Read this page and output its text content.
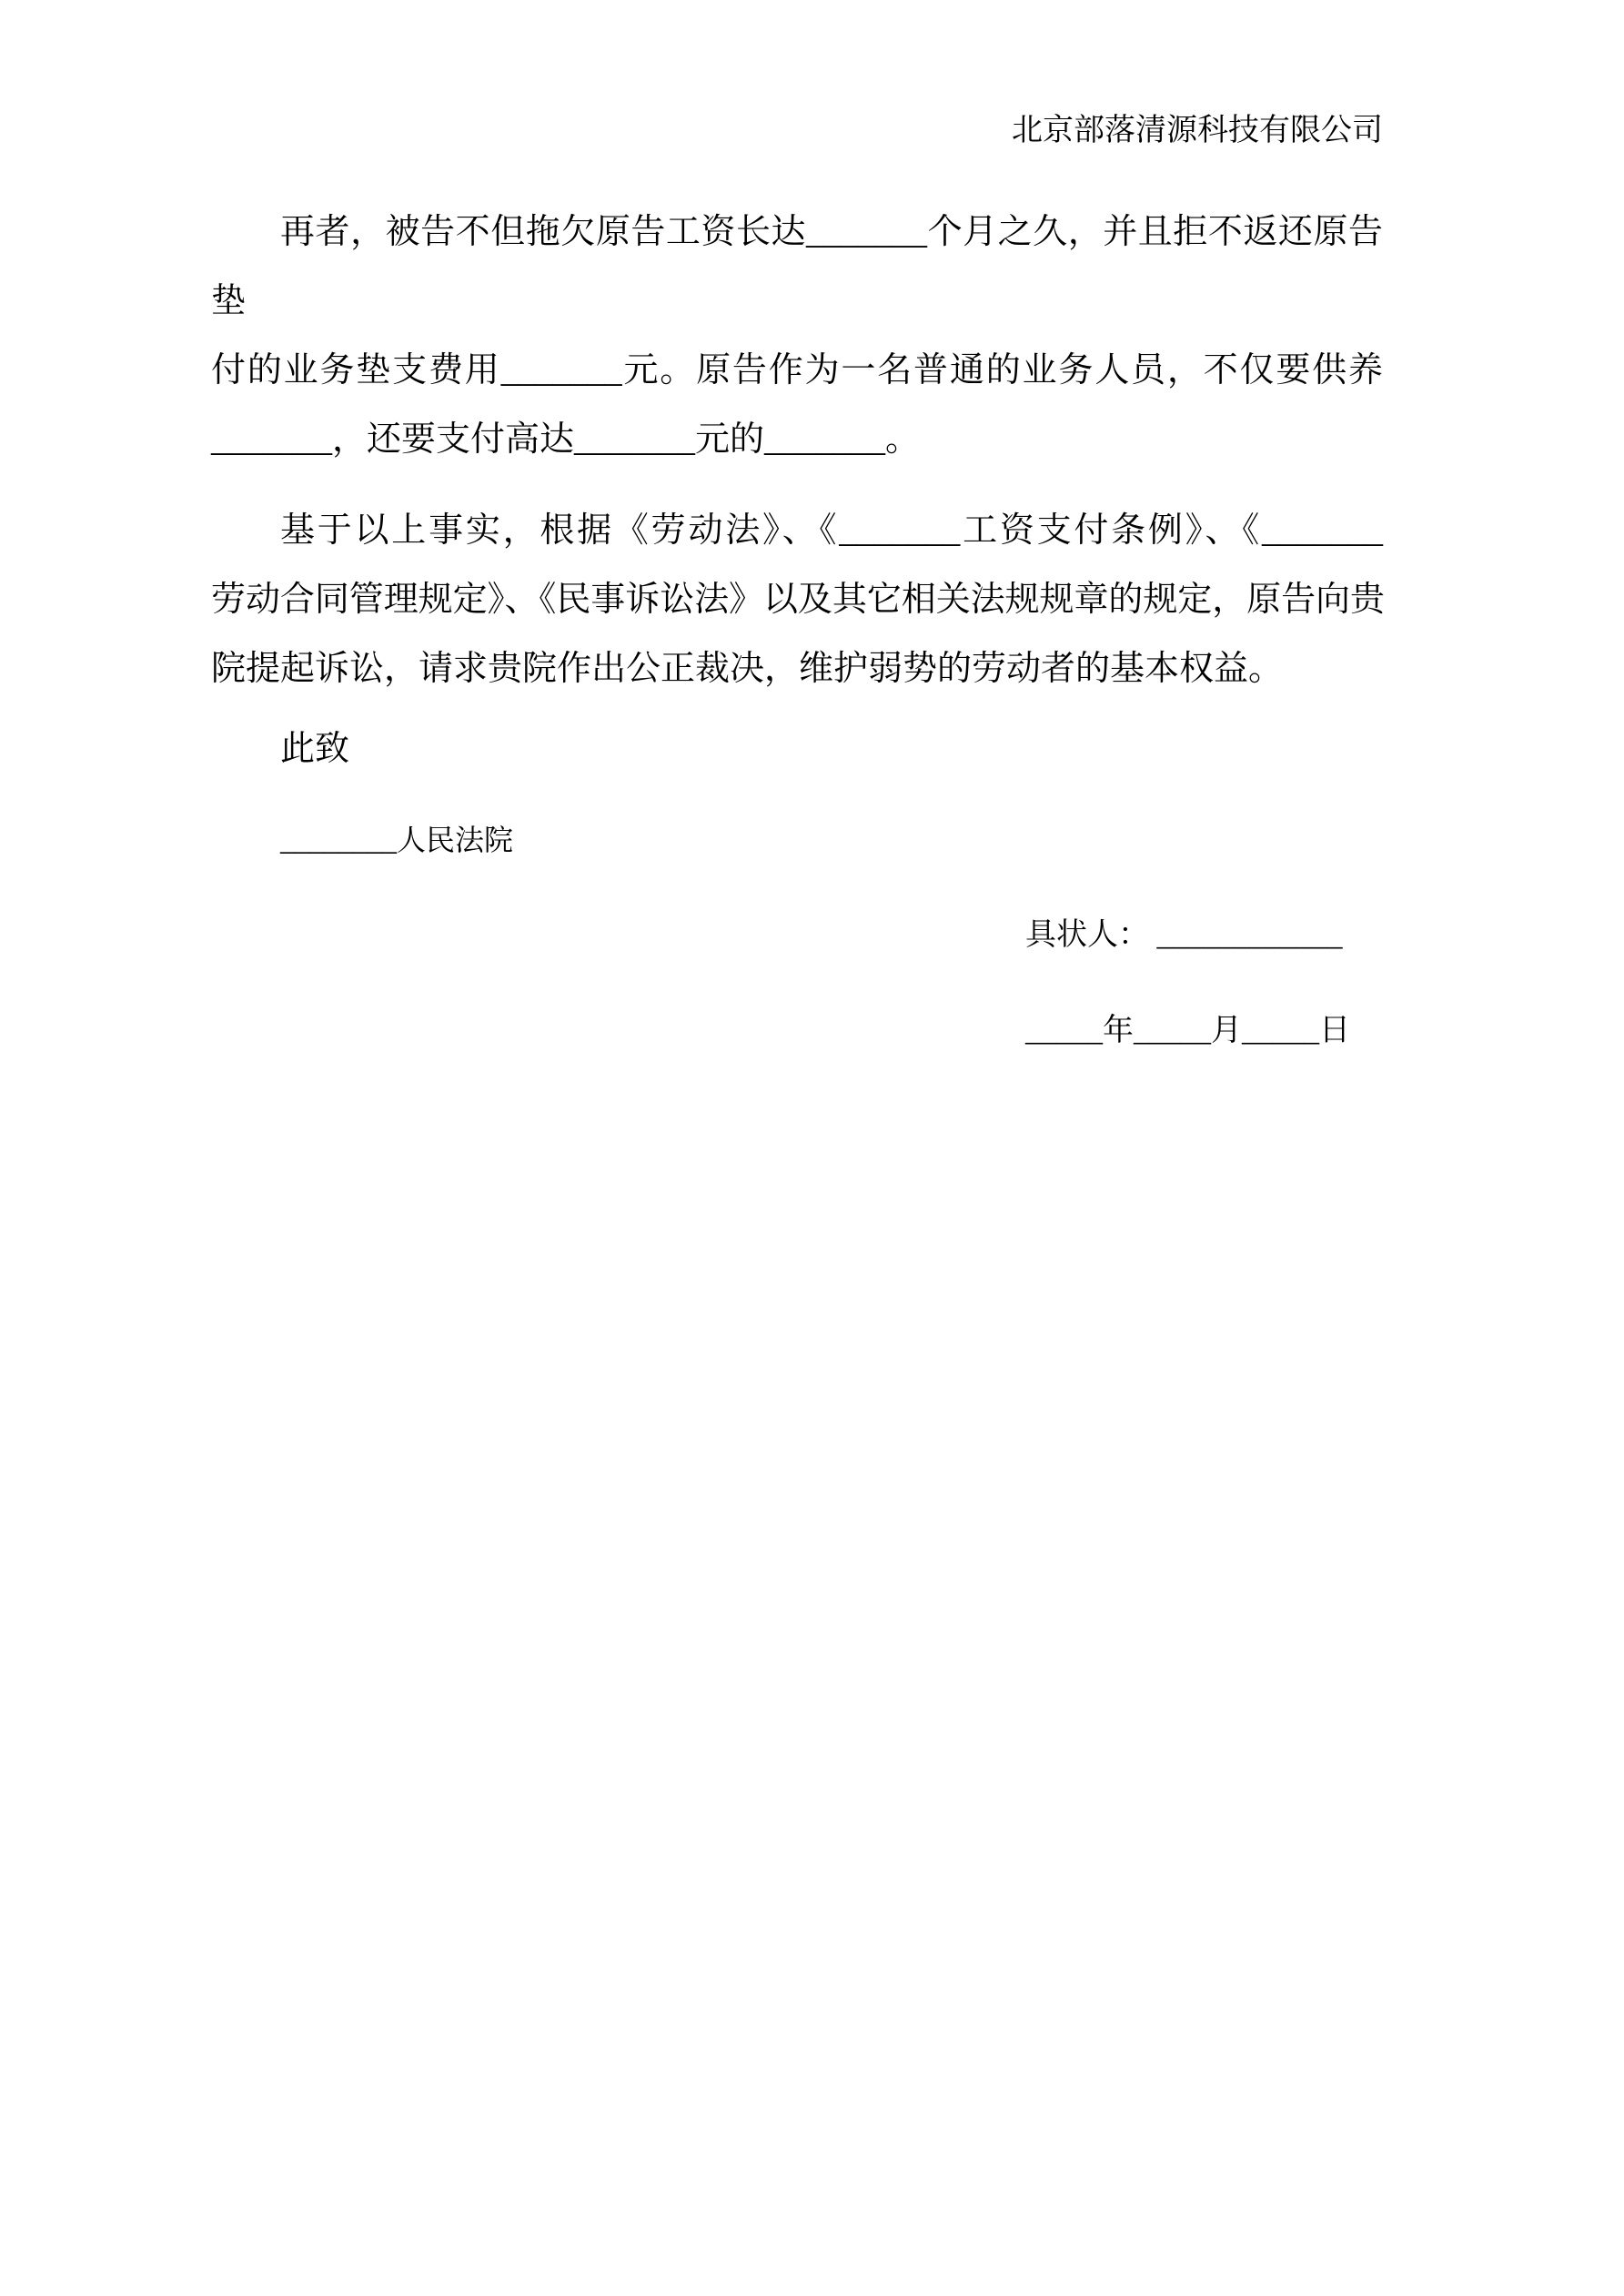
北京部落清源科技有限公司
再者，被告不但拖欠原告工资长达_______个月之久，并且拒不返还原告垫
付的业务垫支费用_______元。原告作为一名普通的业务人员，不仅要供养
_______，还要支付高达_______元的_______。
基于以上事实，根据《劳动法》、《_______工资支付条例》、《_______
劳动合同管理规定》、《民事诉讼法》以及其它相关法规规章的规定，原告向贵
院提起诉讼，请求贵院作出公正裁决，维护弱势的劳动者的基本权益。
此致
________人民法院
具状人： ____________
_____年_____月_____日
